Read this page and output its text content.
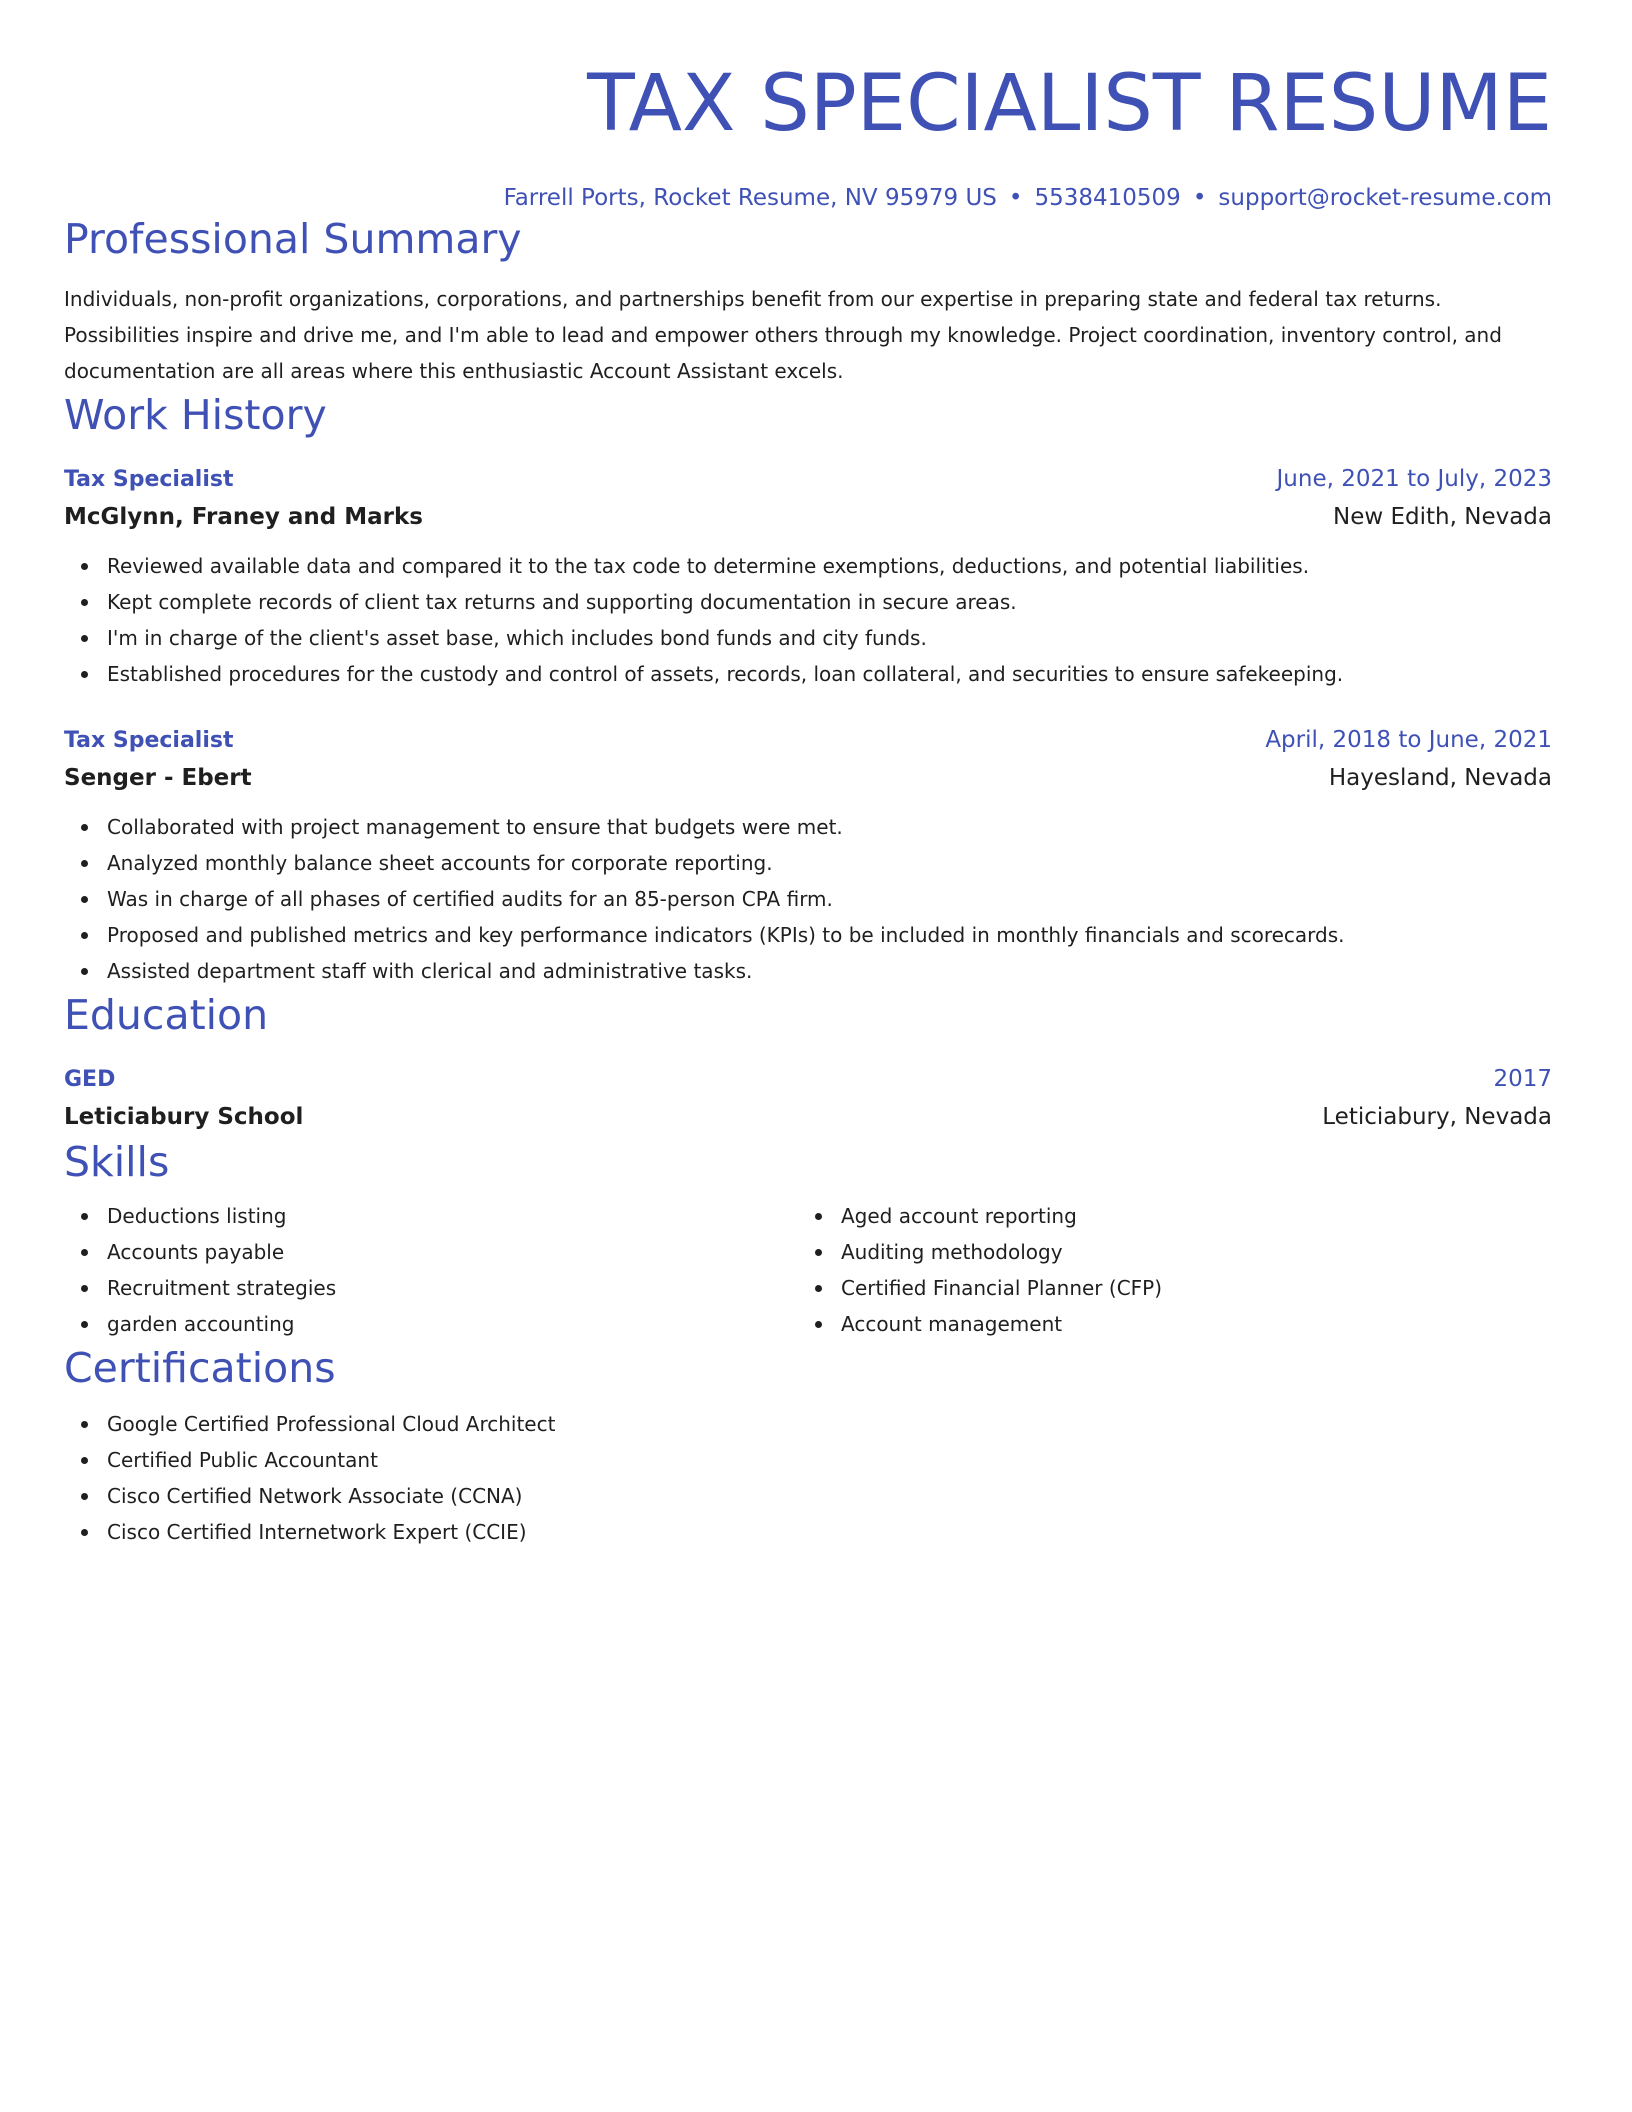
TAX SPECIALIST RESUME
Farrell Ports, Rocket Resume, NV 95979 US • 5538410509 • support@rocket-resume.com
Professional Summary

Individuals, non-profit organizations, corporations, and partnerships benefit from our expertise in preparing state and federal tax returns. Possibilities inspire and drive me, and I'm able to lead and empower others through my knowledge. Project coordination, inventory control, and documentation are all areas where this enthusiastic Account Assistant excels.

Work History
Tax Specialist	June, 2021 to July, 2023
McGlynn, Franey and Marks	New Edith, Nevada
Reviewed available data and compared it to the tax code to determine exemptions, deductions, and potential liabilities.
Kept complete records of client tax returns and supporting documentation in secure areas.
I'm in charge of the client's asset base, which includes bond funds and city funds.
Established procedures for the custody and control of assets, records, loan collateral, and securities to ensure safekeeping.
Tax Specialist	April, 2018 to June, 2021
Senger - Ebert	Hayesland, Nevada
Collaborated with project management to ensure that budgets were met.
Analyzed monthly balance sheet accounts for corporate reporting.
Was in charge of all phases of certified audits for an 85-person CPA firm.
Proposed and published metrics and key performance indicators (KPIs) to be included in monthly financials and scorecards.
Assisted department staff with clerical and administrative tasks.
Education
GED	2017
Leticiabury School	Leticiabury, Nevada
Skills
Deductions listing
Accounts payable
Recruitment strategies
garden accounting
Aged account reporting
Auditing methodology
Certified Financial Planner (CFP)
Account management
Certifications
Google Certified Professional Cloud Architect
Certified Public Accountant
Cisco Certified Network Associate (CCNA)
Cisco Certified Internetwork Expert (CCIE)
